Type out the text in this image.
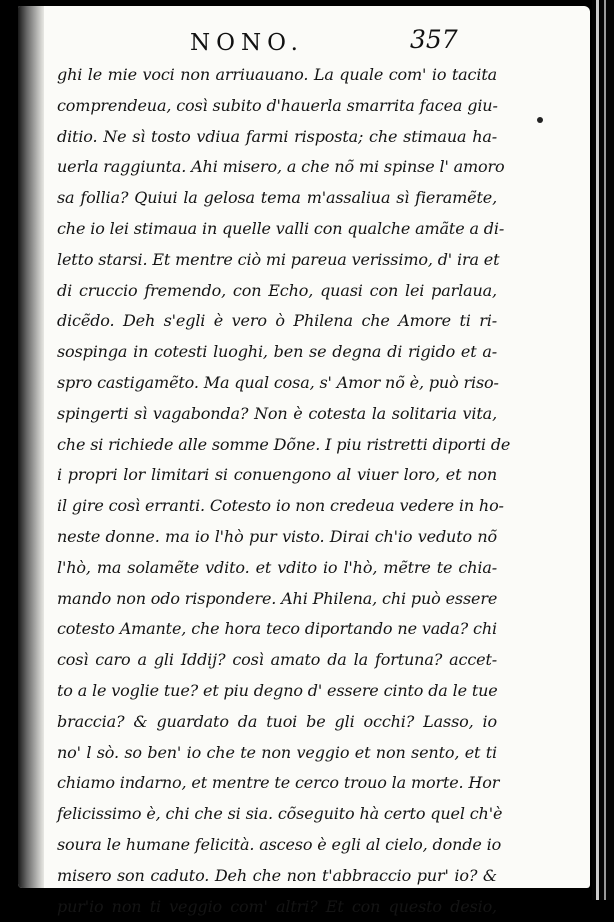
NONO.	357
ghi le mie voci non arriuauano. La quale com' io tacita
comprendeua, così subito d'hauerla smarrita facea giu-
ditio. Ne sì tosto vdiua farmi risposta; che stimaua ha-
uerla raggiunta. Ahi misero, a che nõ mi spinse l' amoro
sa follia? Quiui la gelosa tema m'assaliua sì fieramẽte,
che io lei stimaua in quelle valli con qualche amãte a di-
letto starsi. Et mentre ciò mi pareua verissimo, d' ira et
di cruccio fremendo, con Echo, quasi con lei parlaua,
dicẽdo. Deh s'egli è vero ò Philena che Amore ti ri-
sospinga in cotesti luoghi, ben se degna di rigido et a-
spro castigamẽto. Ma qual cosa, s' Amor nõ è, può riso-
spingerti sì vagabonda? Non è cotesta la solitaria vita,
che si richiede alle somme Dõne. I piu ristretti diporti de
i propri lor limitari si conuengono al viuer loro, et non
il gire così erranti. Cotesto io non credeua vedere in ho-
neste donne. ma io l'hò pur visto. Dirai ch'io veduto nõ
l'hò, ma solamẽte vdito. et vdito io l'hò, mẽtre te chia-
mando non odo rispondere. Ahi Philena, chi può essere
cotesto Amante, che hora teco diportando ne vada? chi
così caro a gli Iddij? così amato da la fortuna? accet-
to a le voglie tue? et piu degno d' essere cinto da le tue
braccia? & guardato da tuoi be gli occhi? Lasso, io
no' l sò. so ben' io che te non veggio et non sento, et ti
chiamo indarno, et mentre te cerco trouo la morte. Hor
felicissimo è, chi che si sia. cõseguito hà certo quel ch'è
soura le humane felicità. asceso è egli al cielo, donde io
misero son caduto. Deh che non t'abbraccio pur' io? &
pur'io non ti veggio com' altri? Et con questo desio,
